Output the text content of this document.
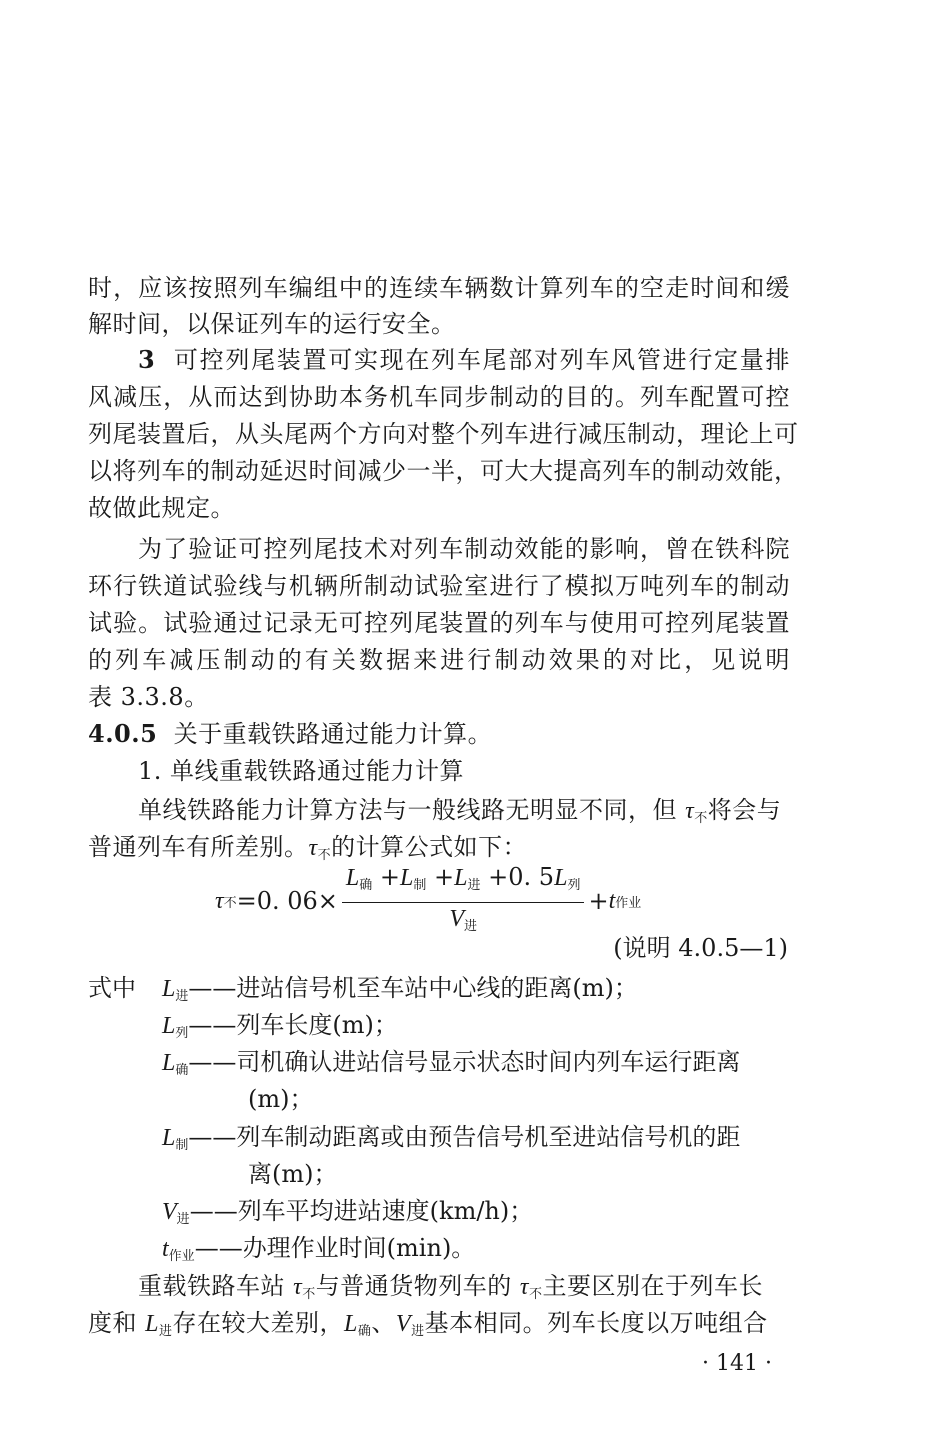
时，应该按照列车编组中的连续车辆数计算列车的空走时间和缓
解时间，以保证列车的运行安全。
3 可控列尾装置可实现在列车尾部对列车风管进行定量排
风减压，从而达到协助本务机车同步制动的目的。列车配置可控
列尾装置后，从头尾两个方向对整个列车进行减压制动，理论上可
以将列车的制动延迟时间减少一半，可大大提高列车的制动效能，
故做此规定。
为了验证可控列尾技术对列车制动效能的影响，曾在铁科院
环行铁道试验线与机辆所制动试验室进行了模拟万吨列车的制动
试验。试验通过记录无可控列尾装置的列车与使用可控列尾装置
的列车减压制动的有关数据来进行制动效果的对比，见说明
表 3.3.8。
4.0.5 关于重载铁路通过能力计算。
1. 单线重载铁路通过能力计算
单线铁路能力计算方法与一般线路无明显不同，但 $\tau_不$将会与
普通列车有所差别。$\tau_不$的计算公式如下：
τ 不 =0. $06\times \frac{L_确 +L_制 +L_进 +0. 5L_列}{V_进} + t$ 作业
(说明 4.0.5—1)
式中 $L_进——$进站信号机至车站中心线的距离(m)；
$L_列——$列车长度(m)；
$L_确——$司机确认进站信号显示状态时间内列车运行距离
(m)；
$L_制——$列车制动距离或由预告信号机至进站信号机的距
离(m)；
$V_进——$列车平均进站速度(km/h)；
$t_{作业}——$办理作业时间(min)。
重载铁路车站 $\tau_不$与普通货物列车的 $\tau_不$主要区别在于列车长
度和 $L_进$存在较大差别，$L_确$、$V_进$基本相同。列车长度以万吨组合
· 141 ·
